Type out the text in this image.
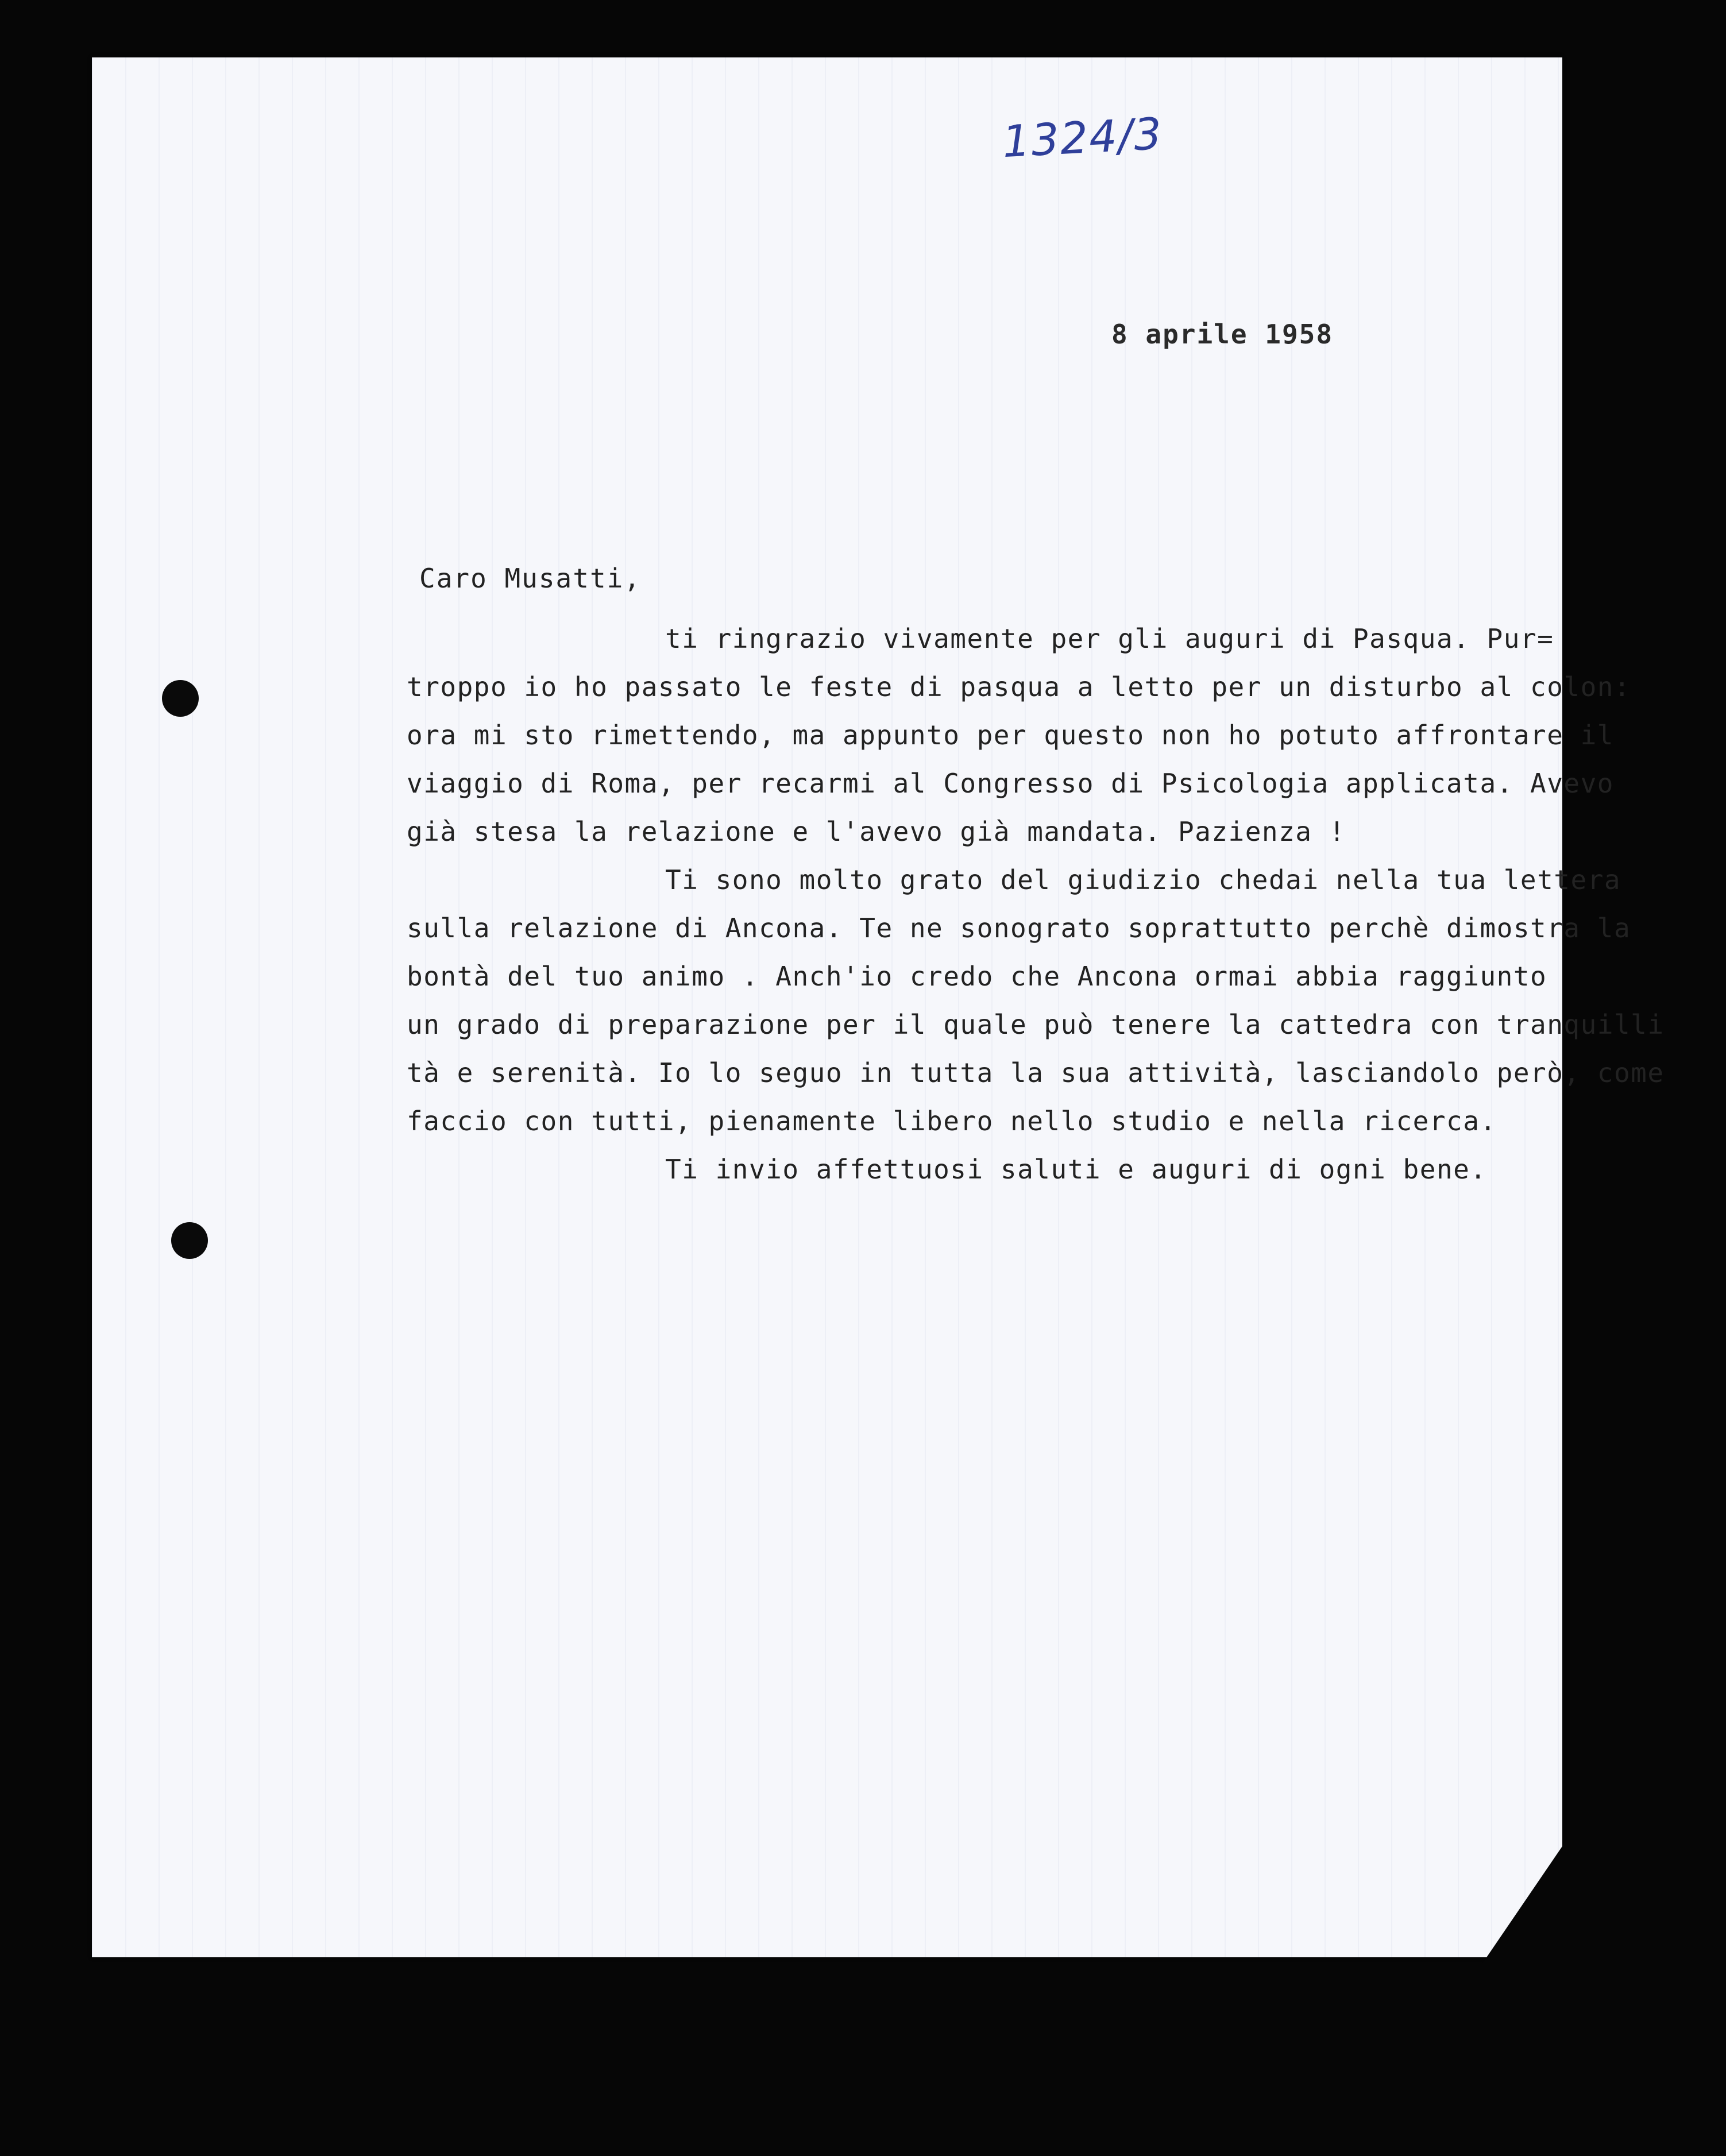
1324/3
8 aprile 1958
Caro Musatti,
ti ringrazio vivamente per gli auguri di Pasqua. Pur=
troppo io ho passato le feste di pasqua a letto per un disturbo al colon:
ora mi sto rimettendo, ma appunto per questo non ho potuto affrontare il
viaggio di Roma, per recarmi al Congresso di Psicologia applicata. Avevo
già stesa la relazione e l'avevo già mandata. Pazienza !
Ti sono molto grato del giudizio chedai nella tua lettera
sulla relazione di Ancona. Te ne sonograto soprattutto perchè dimostra la
bontà del tuo animo . Anch'io credo che Ancona ormai abbia raggiunto
un grado di preparazione per il quale può tenere la cattedra con tranquilli
tà e serenità. Io lo seguo in tutta la sua attività, lasciandolo però, come
faccio con tutti, pienamente libero nello studio e nella ricerca.
Ti invio affettuosi saluti e auguri di ogni bene.
